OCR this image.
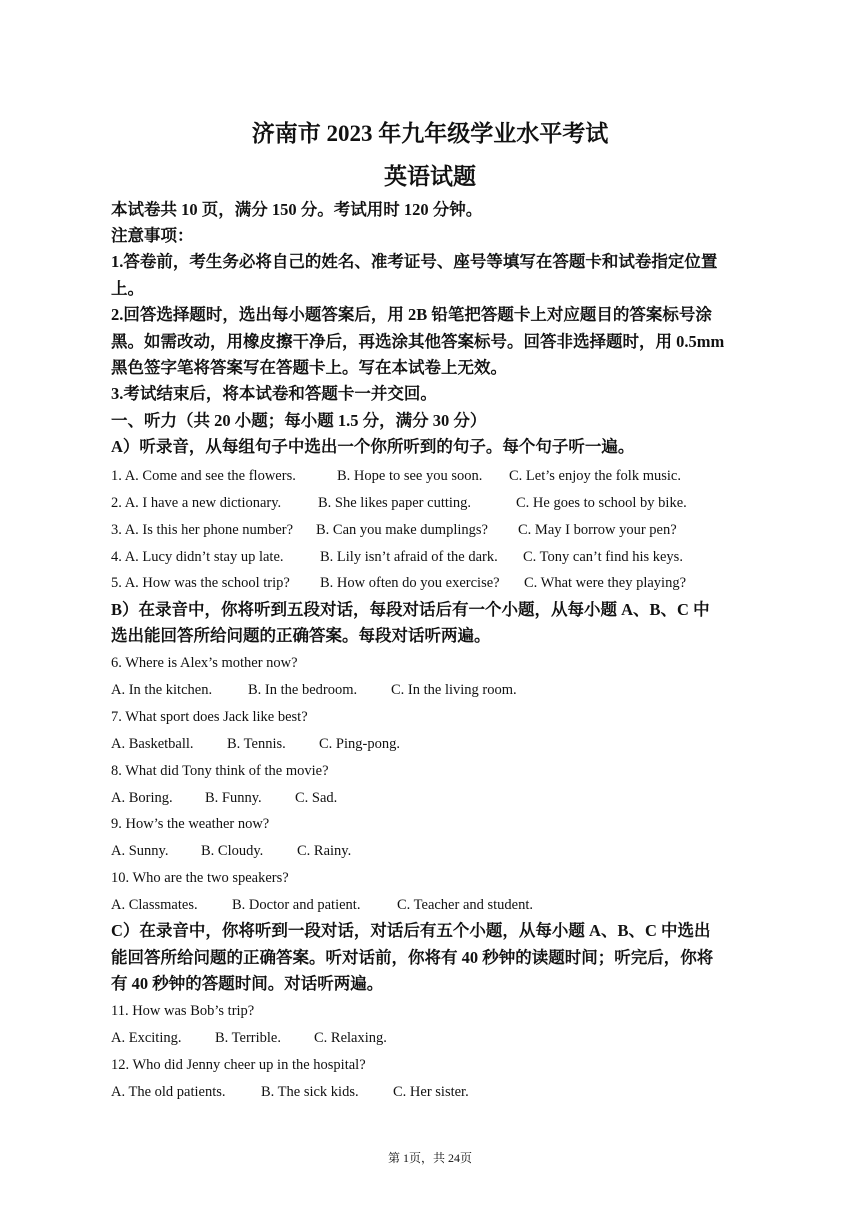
济南市 2023 年九年级学业水平考试
英语试题
本试卷共 10 页，满分 150 分。考试用时 120 分钟。
注意事项：
1.答卷前，考生务必将自己的姓名、准考证号、座号等填写在答题卡和试卷指定位置
上。
2.回答选择题时，选出每小题答案后，用 2B 铅笔把答题卡上对应题目的答案标号涂
黑。如需改动，用橡皮擦干净后，再选涂其他答案标号。回答非选择题时，用 0.5mm
黑色签字笔将答案写在答题卡上。写在本试卷上无效。
3.考试结束后，将本试卷和答题卡一并交回。
一、听力（共 20 小题；每小题 1.5 分，满分 30 分）
A）听录音，从每组句子中选出一个你所听到的句子。每个句子听一遍。
1. A. Come and see the flowers.	B. Hope to see you soon. C. Let’s enjoy the folk music.
2. A. I have a new dictionary.	B. She likes paper cutting.	C. He goes to school by bike.
3. A. Is this her phone number? B. Can you make dumplings? C. May I borrow your pen?
4. A. Lucy didn’t stay up late.	B. Lily isn’t afraid of the dark. C. Tony can’t find his keys.
5. A. How was the school trip? B. How often do you exercise? C. What were they playing?
B）在录音中，你将听到五段对话，每段对话后有一个小题，从每小题 A、B、C 中
选出能回答所给问题的正确答案。每段对话听两遍。
6. Where is Alex’s mother now?
A. In the kitchen. B. In the bedroom. C. In the living room.
7. What sport does Jack like best?
A. Basketball. B. Tennis. C. Ping-pong.
8. What did Tony think of the movie?
A. Boring. B. Funny. C. Sad.
9. How’s the weather now?
A. Sunny. B. Cloudy. C. Rainy.
10. Who are the two speakers?
A. Classmates. B. Doctor and patient.	C. Teacher and student.
C）在录音中，你将听到一段对话，对话后有五个小题，从每小题 A、B、C 中选出
能回答所给问题的正确答案。听对话前，你将有 40 秒钟的读题时间；听完后，你将
有 40 秒钟的答题时间。对话听两遍。
11. How was Bob’s trip?
A. Exciting. B. Terrible. C. Relaxing.
12. Who did Jenny cheer up in the hospital?
A. The old patients. B. The sick kids. C. Her sister.
第 1页，共 24页
